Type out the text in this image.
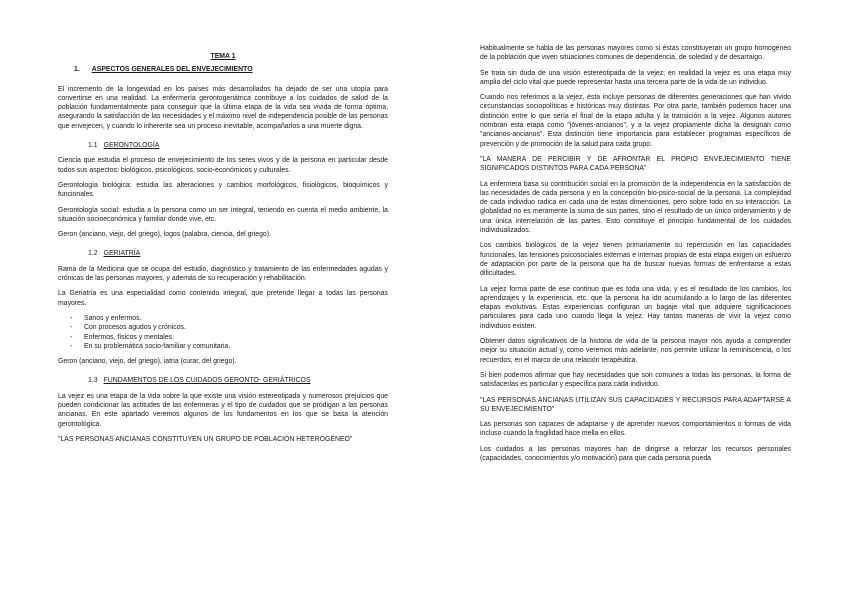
TEMA 1
1. ASPECTOS GENERALES DEL ENVEJECIMIENTO

El incremento de la longevidad en los países más desarrollados ha dejado de ser una utopía para convertirse en una realidad. La enfermería gerontogeriátrica contribuye a los cuidados de salud de la población fundamentalmente para conseguir que la última etapa de la vida sea vivida de forma óptima, asegurando la satisfacción de las necesidades y el máximo nivel de independencia posible de las personas que envejecen, y cuando lo inherente sea un proceso inevitable, acompañarlos a una muerte digna.

1.1 GERONTOLOGÍA

Ciencia que estudia el proceso de envejecimiento de los seres vivos y de la persona en particular desde todos sus aspectos: biológicos, psicológicos, socio-económicos y culturales.

Gerontología biológica: estudia las alteraciones y cambios morfológicos, fisiológicos, bioquímicos y funcionales.

Gerontología social: estudia a la persona como un ser integral, teniendo en cuenta el medio ambiente, la situación socioeconómica y familiar donde vive, etc.

Geron (anciano, viejo, del griego), logos (palabra, ciencia, del griego).

1.2 GERIATRÍA

Rama de la Medicina que se ocupa del estudio, diagnóstico y tratamiento de las enfermedades agudas y crónicas de las personas mayores, y además de su recuperación y rehabilitación.

La Geriatría es una especialidad como contenido integral, que pretende llegar a todas las personas mayores.

- Sanos y enfermos.
- Con procesos agudos y crónicos.
- Enfermos, físicos y mentales.
- En su problemática socio-familiar y comunitaria.

Geron (anciano, viejo, del griego), iatria (curar, del griego).

1.3 FUNDAMENTOS DE LOS CUIDADOS GERONTO- GERIÁTRICOS

La vejez es una etapa de la vida sobre la que existe una visión estereotipada y numerosos prejuicios que pueden condicionar las actitudes de las enfermeras y el tipo de cuidados que se prodigan a las personas ancianas. En este apartado veremos algunos de los fundamentos en los que se basa la atención gerontológica.

"LAS PERSONAS ANCIANAS CONSTITUYEN UN GRUPO DE POBLACIÓN HETEROGÉNEO"

Habitualmente se habla de las personas mayores como si éstas constituyeran un grupo homogéneo de la población que viven situaciones comunes de dependencia, de soledad y de desarraigo.

Se trata sin duda de una visión estereotipada de la vejez; en realidad la vejez es una etapa muy amplia del ciclo vital que puede representar hasta una tercera parte de la vida de un individuo.

Cuando nos referimos a la vejez, ésta incluye personas de diferentes generaciones que han vivido circunstancias sociopolíticas e históricas muy distintas. Por otra parte, también podemos hacer una distinción entre lo que sería el final de la etapa adulta y la transición a la vejez. Algunos autores nombran esta etapa como "jóvenes-ancianos", y a la vejez propiamente dicha la designan como "ancianos-ancianos". Esta distinción tiene importancia para establecer programas específicos de prevención y de promoción de la salud para cada grupo.

"LA MANERA DE PERCIBIR Y DE AFRONTAR EL PROPIO ENVEJECIMIENTO TIENE SIGNIFICADOS DISTINTOS PARA CADA PERSONA"

La enfermera basa su contribución social en la promoción de la independencia en la satisfacción de las necesidades de cada persona y en la concepción bio-psico-social de la persona. La complejidad de cada individuo radica en cada una de estas dimensiones, pero sobre todo en su interacción. La globalidad no es meramente la suma de sus partes, sino el resultado de un único ordenamiento y de una única interrelación de las partes. Esto constituye el principio fundamental de los cuidados individualizados.

Los cambios biológicos de la vejez tienen primariamente su repercusión en las capacidades funcionales, las tensiones psicosociales externas e internas propias de esta etapa exigen un esfuerzo de adaptación por parte de la persona que ha de buscar nuevas formas de enfrentarse a estas dificultades.

La vejez forma parte de ese continuo que es toda una vida, y es el resultado de los cambios, los aprendizajes y la experiencia, etc. que la persona ha ido acumulando a lo largo de las diferentes etapas evolutivas. Estas experiencias configuran un bagaje vital que adquiere significaciones particulares para cada uno cuando llega la vejez. Hay tantas maneras de vivir la vejez como individuos existen.

Obtener datos significativos de la historia de vida de la persona mayor nos ayuda a comprender mejor su situación actual y, como veremos más adelante, nos permite utilizar la reminiscencia, o los recuerdos, en el marco de una relación terapéutica.

Si bien podemos afirmar que hay necesidades que son comunes a todas las personas, la forma de satisfacerlas es particular y específica para cada individuo.

"LAS PERSONAS ANCIANAS UTILIZAN SUS CAPACIDADES Y RECURSOS PARA ADAPTARSE A SU ENVEJECIMIENTO"

Las personas son capaces de adaptarse y de aprender nuevos comportamientos o formas de vida incluso cuando la fragilidad hace mella en ellos.

Los cuidados a las personas mayores han de dirigirse a reforzar los recursos personales (capacidades, conocimientos y/o motivación) para que cada persona pueda
